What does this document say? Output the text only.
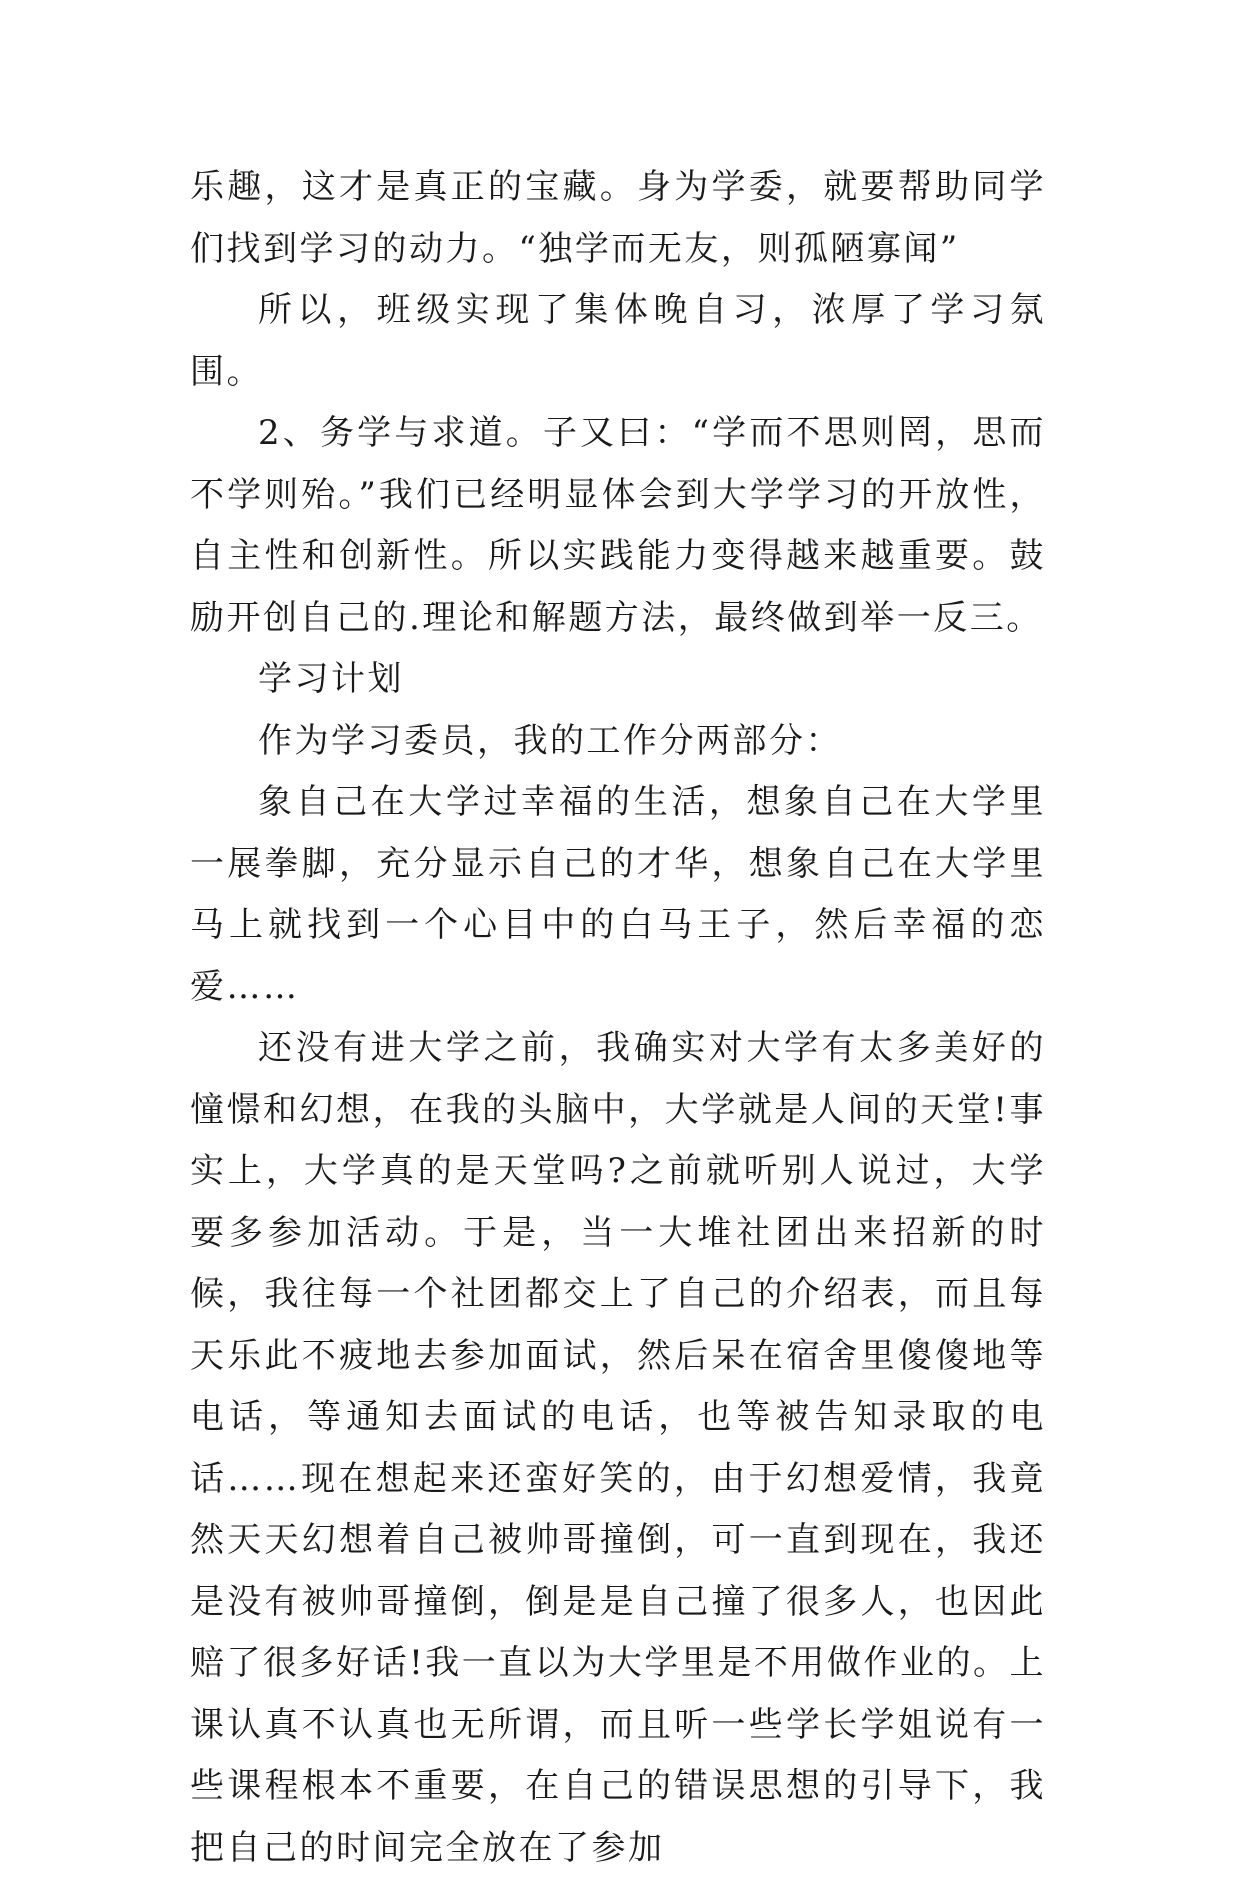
乐趣，这才是真正的宝藏。身为学委，就要帮助同学们找到学习的动力。“独学而无友，则孤陋寡闻”

所以，班级实现了集体晚自习，浓厚了学习氛围。

2、务学与求道。子又曰：“学而不思则罔，思而不学则殆。”我们已经明显体会到大学学习的开放性，自主性和创新性。所以实践能力变得越来越重要。鼓励开创自己的.理论和解题方法，最终做到举一反三。

学习计划

作为学习委员，我的工作分两部分：

象自己在大学过幸福的生活，想象自己在大学里一展拳脚，充分显示自己的才华，想象自己在大学里马上就找到一个心目中的白马王子，然后幸福的恋爱……

还没有进大学之前，我确实对大学有太多美好的憧憬和幻想，在我的头脑中，大学就是人间的天堂!事实上，大学真的是天堂吗?之前就听别人说过，大学要多参加活动。于是，当一大堆社团出来招新的时候，我往每一个社团都交上了自己的介绍表，而且每天乐此不疲地去参加面试，然后呆在宿舍里傻傻地等电话，等通知去面试的电话，也等被告知录取的电话……现在想起来还蛮好笑的，由于幻想爱情，我竟然天天幻想着自己被帅哥撞倒，可一直到现在，我还是没有被帅哥撞倒，倒是是自己撞了很多人，也因此赔了很多好话!我一直以为大学里是不用做作业的。上课认真不认真也无所谓，而且听一些学长学姐说有一些课程根本不重要，在自己的错误思想的引导下，我把自己的时间完全放在了参加
